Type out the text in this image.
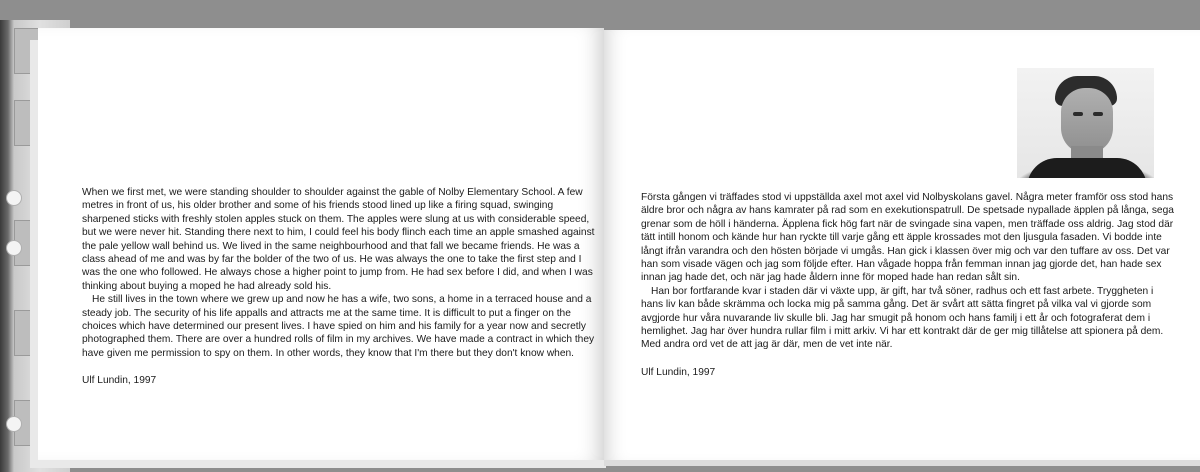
When we first met, we were standing shoulder to shoulder against the gable of Nolby Elementary School. A few metres in front of us, his older brother and some of his friends stood lined up like a firing squad, swinging sharpened sticks with freshly stolen apples stuck on them. The apples were slung at us with considerable speed, but we were never hit. Standing there next to him, I could feel his body flinch each time an apple smashed against the pale yellow wall behind us. We lived in the same neighbourhood and that fall we became friends. He was a class ahead of me and was by far the bolder of the two of us. He was always the one to take the first step and I was the one who followed. He always chose a higher point to jump from. He had sex before I did, and when I was thinking about buying a moped he had already sold his.

He still lives in the town where we grew up and now he has a wife, two sons, a home in a terraced house and a steady job. The security of his life appalls and attracts me at the same time. It is difficult to put a finger on the choices which have determined our present lives. I have spied on him and his family for a year now and secretly photographed them. There are over a hundred rolls of film in my archives. We have made a contract in which they have given me permission to spy on them. In other words, they know that I'm there but they don't know when.

Ulf Lundin, 1997

Första gången vi träffades stod vi uppställda axel mot axel vid Nolbyskolans gavel. Några meter framför oss stod hans äldre bror och några av hans kamrater på rad som en exekutionspatrull. De spetsade nypallade äpplen på långa, sega grenar som de höll i händerna. Äpplena fick hög fart när de svingade sina vapen, men träffade oss aldrig. Jag stod där tätt intill honom och kände hur han ryckte till varje gång ett äpple krossades mot den ljusgula fasaden. Vi bodde inte långt ifrån varandra och den hösten började vi umgås. Han gick i klassen över mig och var den tuffare av oss. Det var han som visade vägen och jag som följde efter. Han vågade hoppa från femman innan jag gjorde det, han hade sex innan jag hade det, och när jag hade åldern inne för moped hade han redan sålt sin.

Han bor fortfarande kvar i staden där vi växte upp, är gift, har två söner, radhus och ett fast arbete. Tryggheten i hans liv kan både skrämma och locka mig på samma gång. Det är svårt att sätta fingret på vilka val vi gjorde som avgjorde hur våra nuvarande liv skulle bli. Jag har smugit på honom och hans familj i ett år och fotograferat dem i hemlighet. Jag har över hundra rullar film i mitt arkiv. Vi har ett kontrakt där de ger mig tillåtelse att spionera på dem. Med andra ord vet de att jag är där, men de vet inte när.

Ulf Lundin, 1997
